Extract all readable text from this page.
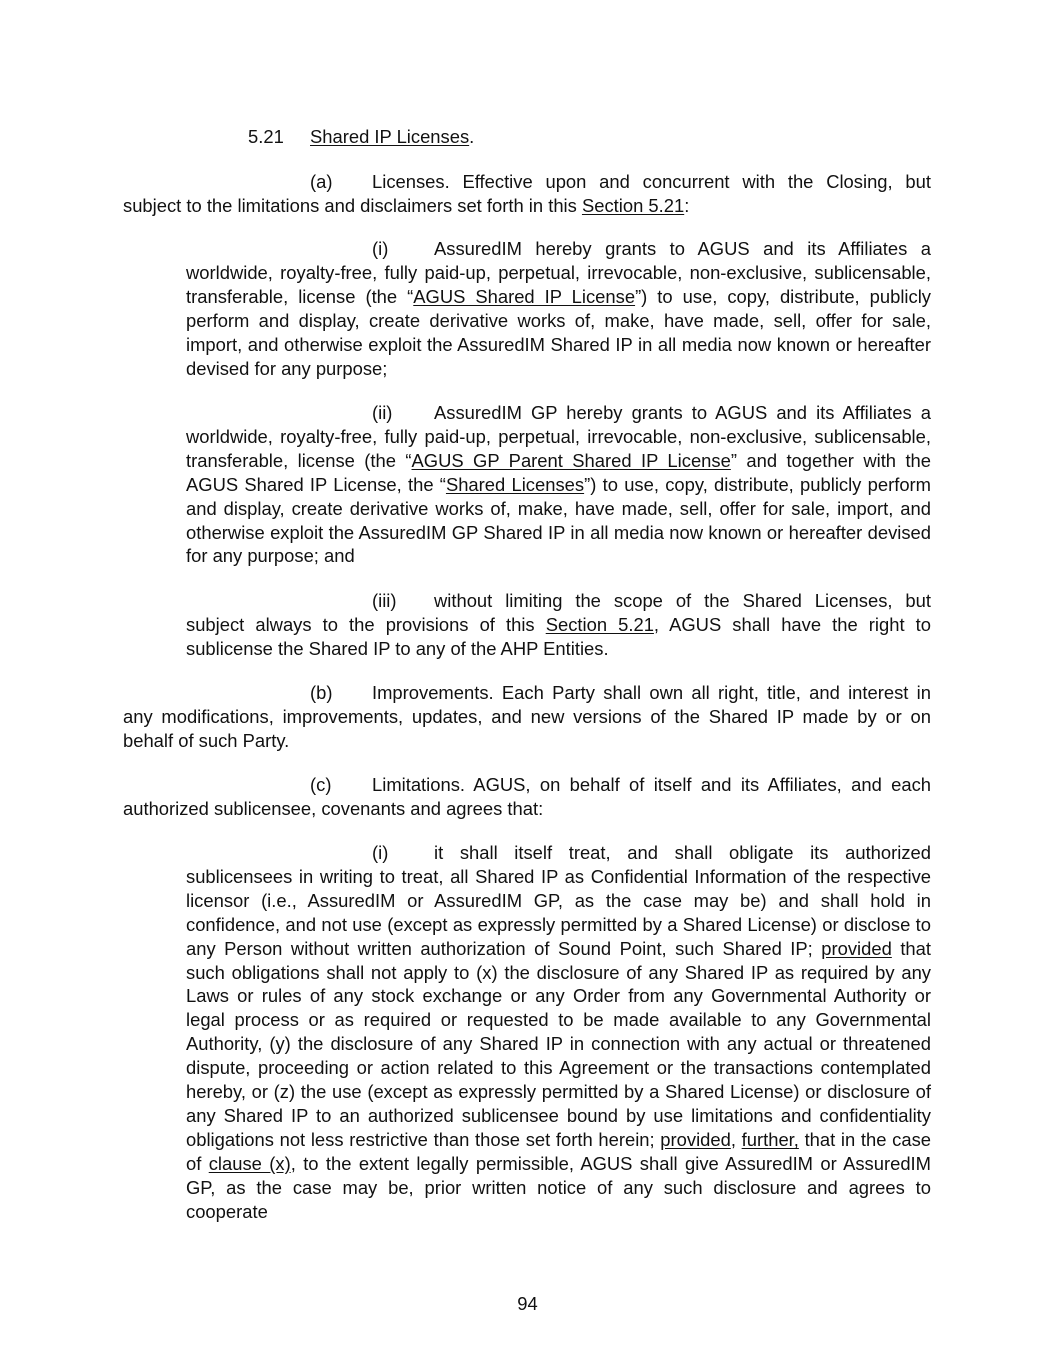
5.21 Shared IP Licenses.

(a) Licenses. Effective upon and concurrent with the Closing, but subject to the limitations and disclaimers set forth in this Section 5.21:

(i) AssuredIM hereby grants to AGUS and its Affiliates a worldwide, royalty-free, fully paid-up, perpetual, irrevocable, non-exclusive, sublicensable, transferable, license (the “AGUS Shared IP License”) to use, copy, distribute, publicly perform and display, create derivative works of, make, have made, sell, offer for sale, import, and otherwise exploit the AssuredIM Shared IP in all media now known or hereafter devised for any purpose;

(ii) AssuredIM GP hereby grants to AGUS and its Affiliates a worldwide, royalty-free, fully paid-up, perpetual, irrevocable, non-exclusive, sublicensable, transferable, license (the “AGUS GP Parent Shared IP License” and together with the AGUS Shared IP License, the “Shared Licenses”) to use, copy, distribute, publicly perform and display, create derivative works of, make, have made, sell, offer for sale, import, and otherwise exploit the AssuredIM GP Shared IP in all media now known or hereafter devised for any purpose; and

(iii) without limiting the scope of the Shared Licenses, but subject always to the provisions of this Section 5.21, AGUS shall have the right to sublicense the Shared IP to any of the AHP Entities.

(b) Improvements. Each Party shall own all right, title, and interest in any modifications, improvements, updates, and new versions of the Shared IP made by or on behalf of such Party.

(c) Limitations. AGUS, on behalf of itself and its Affiliates, and each authorized sublicensee, covenants and agrees that:

(i) it shall itself treat, and shall obligate its authorized sublicensees in writing to treat, all Shared IP as Confidential Information of the respective licensor (i.e., AssuredIM or AssuredIM GP, as the case may be) and shall hold in confidence, and not use (except as expressly permitted by a Shared License) or disclose to any Person without written authorization of Sound Point, such Shared IP; provided that such obligations shall not apply to (x) the disclosure of any Shared IP as required by any Laws or rules of any stock exchange or any Order from any Governmental Authority or legal process or as required or requested to be made available to any Governmental Authority, (y) the disclosure of any Shared IP in connection with any actual or threatened dispute, proceeding or action related to this Agreement or the transactions contemplated hereby, or (z) the use (except as expressly permitted by a Shared License) or disclosure of any Shared IP to an authorized sublicensee bound by use limitations and confidentiality obligations not less restrictive than those set forth herein; provided, further, that in the case of clause (x), to the extent legally permissible, AGUS shall give AssuredIM or AssuredIM GP, as the case may be, prior written notice of any such disclosure and agrees to cooperate

94
